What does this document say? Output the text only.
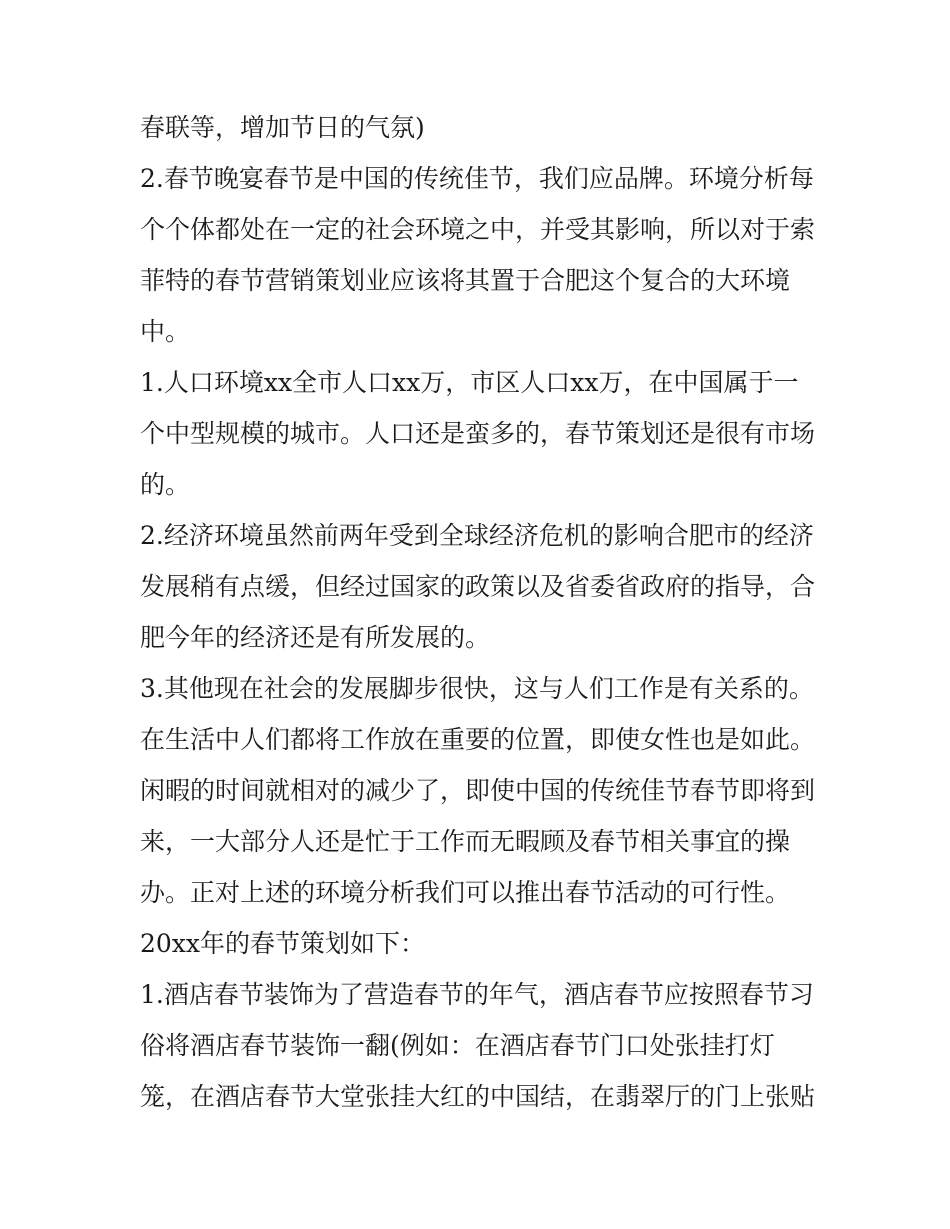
春联等，增加节日的气氛)
2.春节晚宴春节是中国的传统佳节，我们应品牌。环境分析每
个个体都处在一定的社会环境之中，并受其影响，所以对于索
菲特的春节营销策划业应该将其置于合肥这个复合的大环境
中。
1.人口环境xx全市人口xx万，市区人口xx万，在中国属于一
个中型规模的城市。人口还是蛮多的，春节策划还是很有市场
的。
2.经济环境虽然前两年受到全球经济危机的影响合肥市的经济
发展稍有点缓，但经过国家的政策以及省委省政府的指导，合
肥今年的经济还是有所发展的。
3.其他现在社会的发展脚步很快，这与人们工作是有关系的。
在生活中人们都将工作放在重要的位置，即使女性也是如此。
闲暇的时间就相对的减少了，即使中国的传统佳节春节即将到
来，一大部分人还是忙于工作而无暇顾及春节相关事宜的操
办。正对上述的环境分析我们可以推出春节活动的可行性。
20xx年的春节策划如下：
1.酒店春节装饰为了营造春节的年气，酒店春节应按照春节习
俗将酒店春节装饰一翻(例如：在酒店春节门口处张挂打灯
笼，在酒店春节大堂张挂大红的中国结，在翡翠厅的门上张贴
